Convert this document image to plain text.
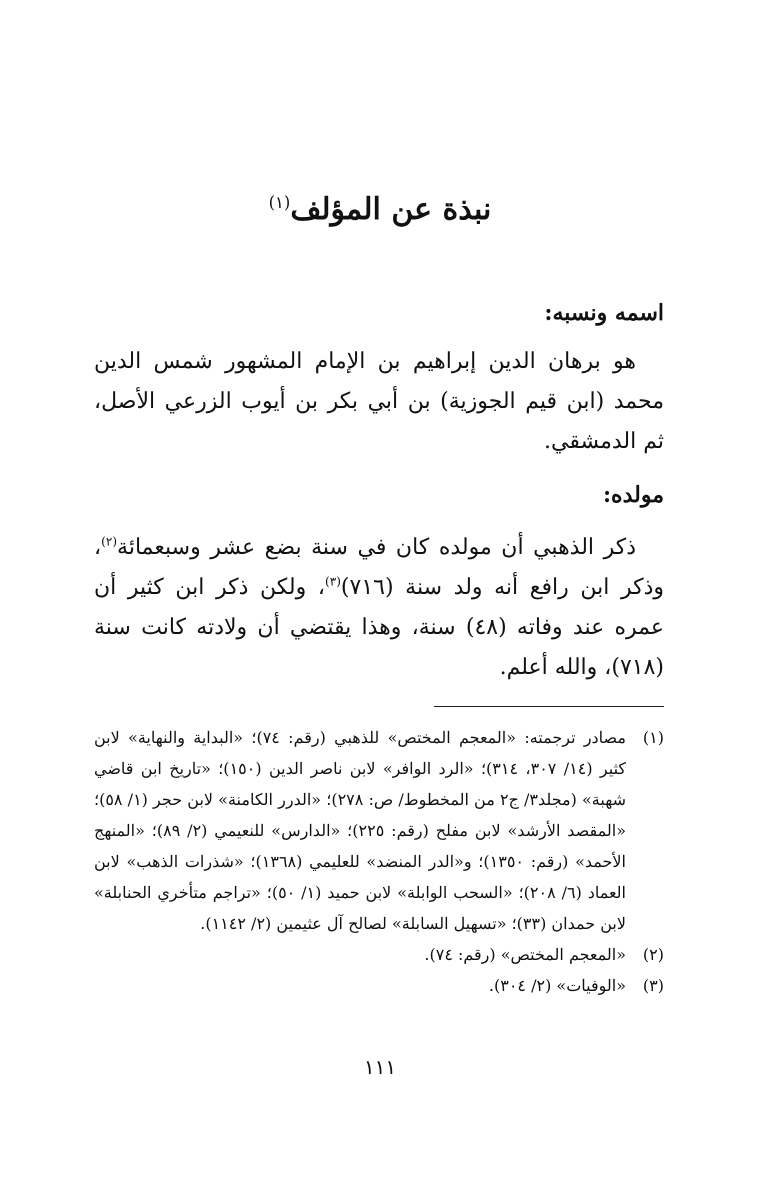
نبذة عن المؤلف$^{(١)}$
اسمه ونسبه:
هو برهان الدين إبراهيم بن الإمام المشهور شمس الدين محمد (ابن قيم الجوزية) بن أبي بكر بن أيوب الزرعي الأصل، ثم الدمشقي.
مولده:
ذكر الذهبي أن مولده كان في سنة بضع عشر وسبعمائة$^{(٢)}$، وذكر ابن رافع أنه ولد سنة (٧١٦)$^{(٣)}$، ولكن ذكر ابن كثير أن عمره عند وفاته (٤٨) سنة، وهذا يقتضي أن ولادته كانت سنة (٧١٨)، والله أعلم.
(١)
مصادر ترجمته: «المعجم المختص» للذهبي (رقم: ٧٤)؛ «البداية والنهاية» لابن كثير (١٤/ ٣٠٧، ٣١٤)؛ «الرد الوافر» لابن ناصر الدين (١٥٠)؛ «تاريخ ابن قاضي شهبة» (مجلد٣/ ج٢ من المخطوط/ ص: ٢٧٨)؛ «الدرر الكامنة» لابن حجر (١/ ٥٨)؛ «المقصد الأرشد» لابن مفلح (رقم: ٢٢٥)؛ «الدارس» للنعيمي (٢/ ٨٩)؛ «المنهج الأحمد» (رقم: ١٣٥٠)؛ و«الدر المنضد» للعليمي (١٣٦٨)؛ «شذرات الذهب» لابن العماد (٦/ ٢٠٨)؛ «السحب الوابلة» لابن حميد (١/ ٥٠)؛ «تراجم متأخري الحنابلة» لابن حمدان (٣٣)؛ «تسهيل السابلة» لصالح آل عثيمين (٢/ ١١٤٢).
(٢)
«المعجم المختص» (رقم: ٧٤).
(٣)
«الوفيات» (٢/ ٣٠٤).
١١١
